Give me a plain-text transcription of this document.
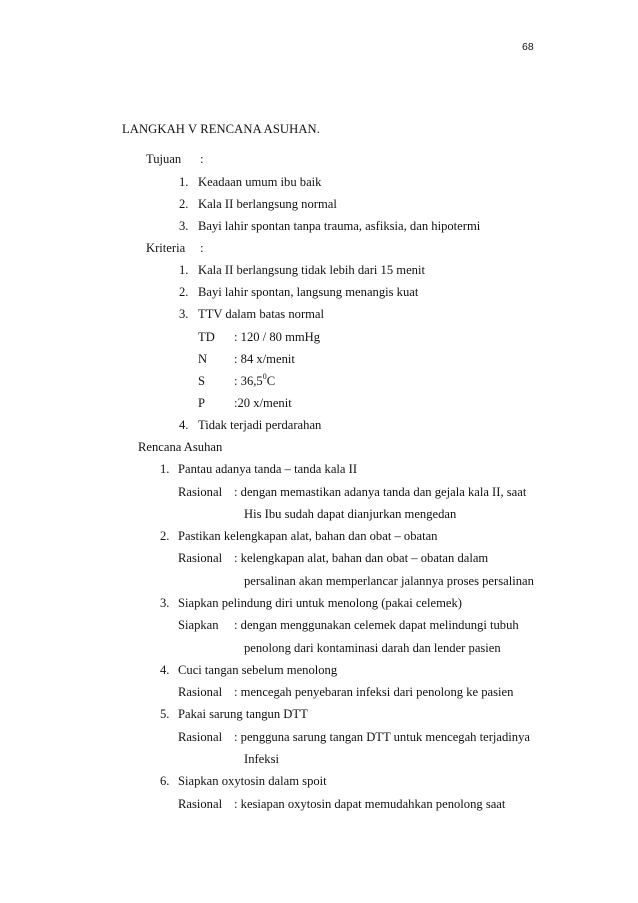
68
LANGKAH V RENCANA ASUHAN.
Tujuan :
1. Keadaan umum ibu baik
2. Kala II berlangsung normal
3. Bayi lahir spontan tanpa trauma, asfiksia, dan hipotermi
Kriteria :
1. Kala II berlangsung tidak lebih dari 15 menit
2. Bayi lahir spontan, langsung menangis kuat
3. TTV dalam batas normal
TD : 120 / 80 mmHg
N : 84 x/menit
S : 36,5$^0$C
P :20 x/menit
4. Tidak terjadi perdarahan
Rencana Asuhan
1. Pantau adanya tanda – tanda kala II
Rasional : dengan memastikan adanya tanda dan gejala kala II, saat
His Ibu sudah dapat dianjurkan mengedan
2. Pastikan kelengkapan alat, bahan dan obat – obatan
Rasional : kelengkapan alat, bahan dan obat – obatan dalam
persalinan akan memperlancar jalannya proses persalinan
3. Siapkan pelindung diri untuk menolong (pakai celemek)
Siapkan : dengan menggunakan celemek dapat melindungi tubuh
penolong dari kontaminasi darah dan lender pasien
4. Cuci tangan sebelum menolong
Rasional : mencegah penyebaran infeksi dari penolong ke pasien
5. Pakai sarung tangun DTT
Rasional : pengguna sarung tangan DTT untuk mencegah terjadinya
Infeksi
6. Siapkan oxytosin dalam spoit
Rasional : kesiapan oxytosin dapat memudahkan penolong saat
